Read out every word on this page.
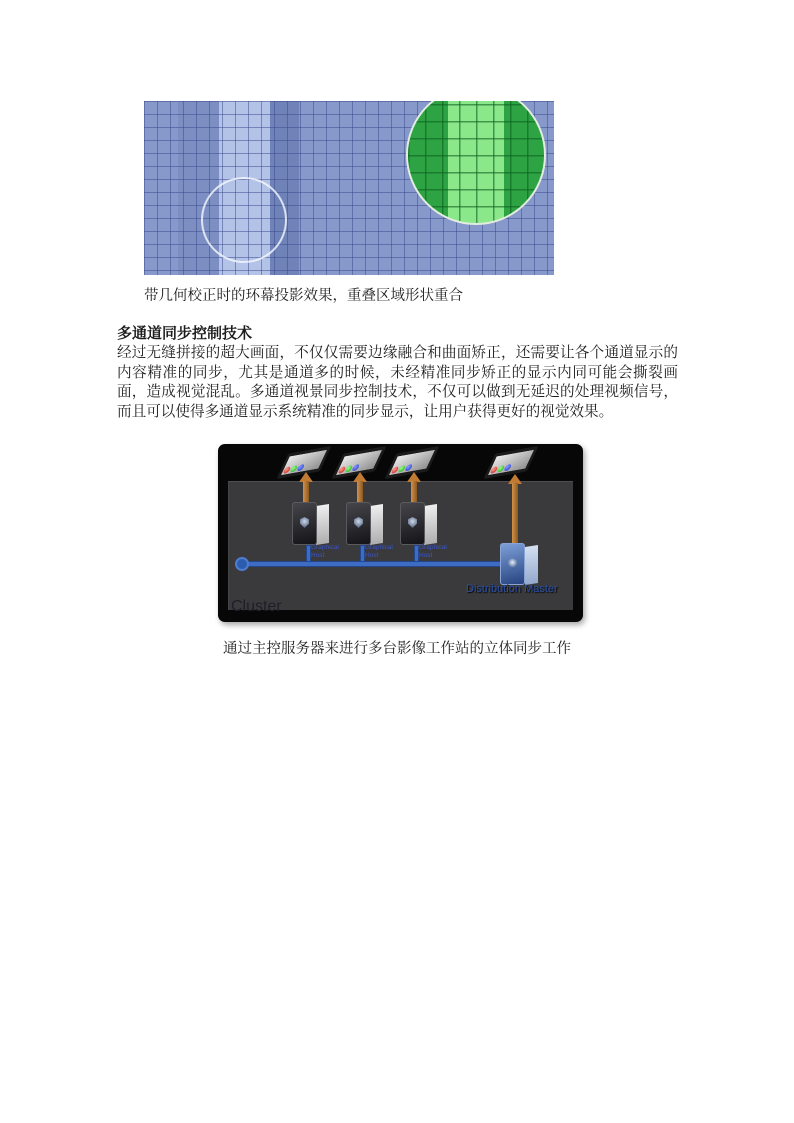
带几何校正时的环幕投影效果，重叠区域形状重合
多通道同步控制技术
经过无缝拼接的超大画面，不仅仅需要边缘融合和曲面矫正，还需要让各个通道显示的内容精准的同步，尤其是通道多的时候，未经精准同步矫正的显示内同可能会撕裂画面，造成视觉混乱。多通道视景同步控制技术，不仅可以做到无延迟的处理视频信号，而且可以使得多通道显示系统精准的同步显示，让用户获得更好的视觉效果。
Graphical Host
Graphical Host
Graphical Host
Distribution Master
Cluster
通过主控服务器来进行多台影像工作站的立体同步工作
